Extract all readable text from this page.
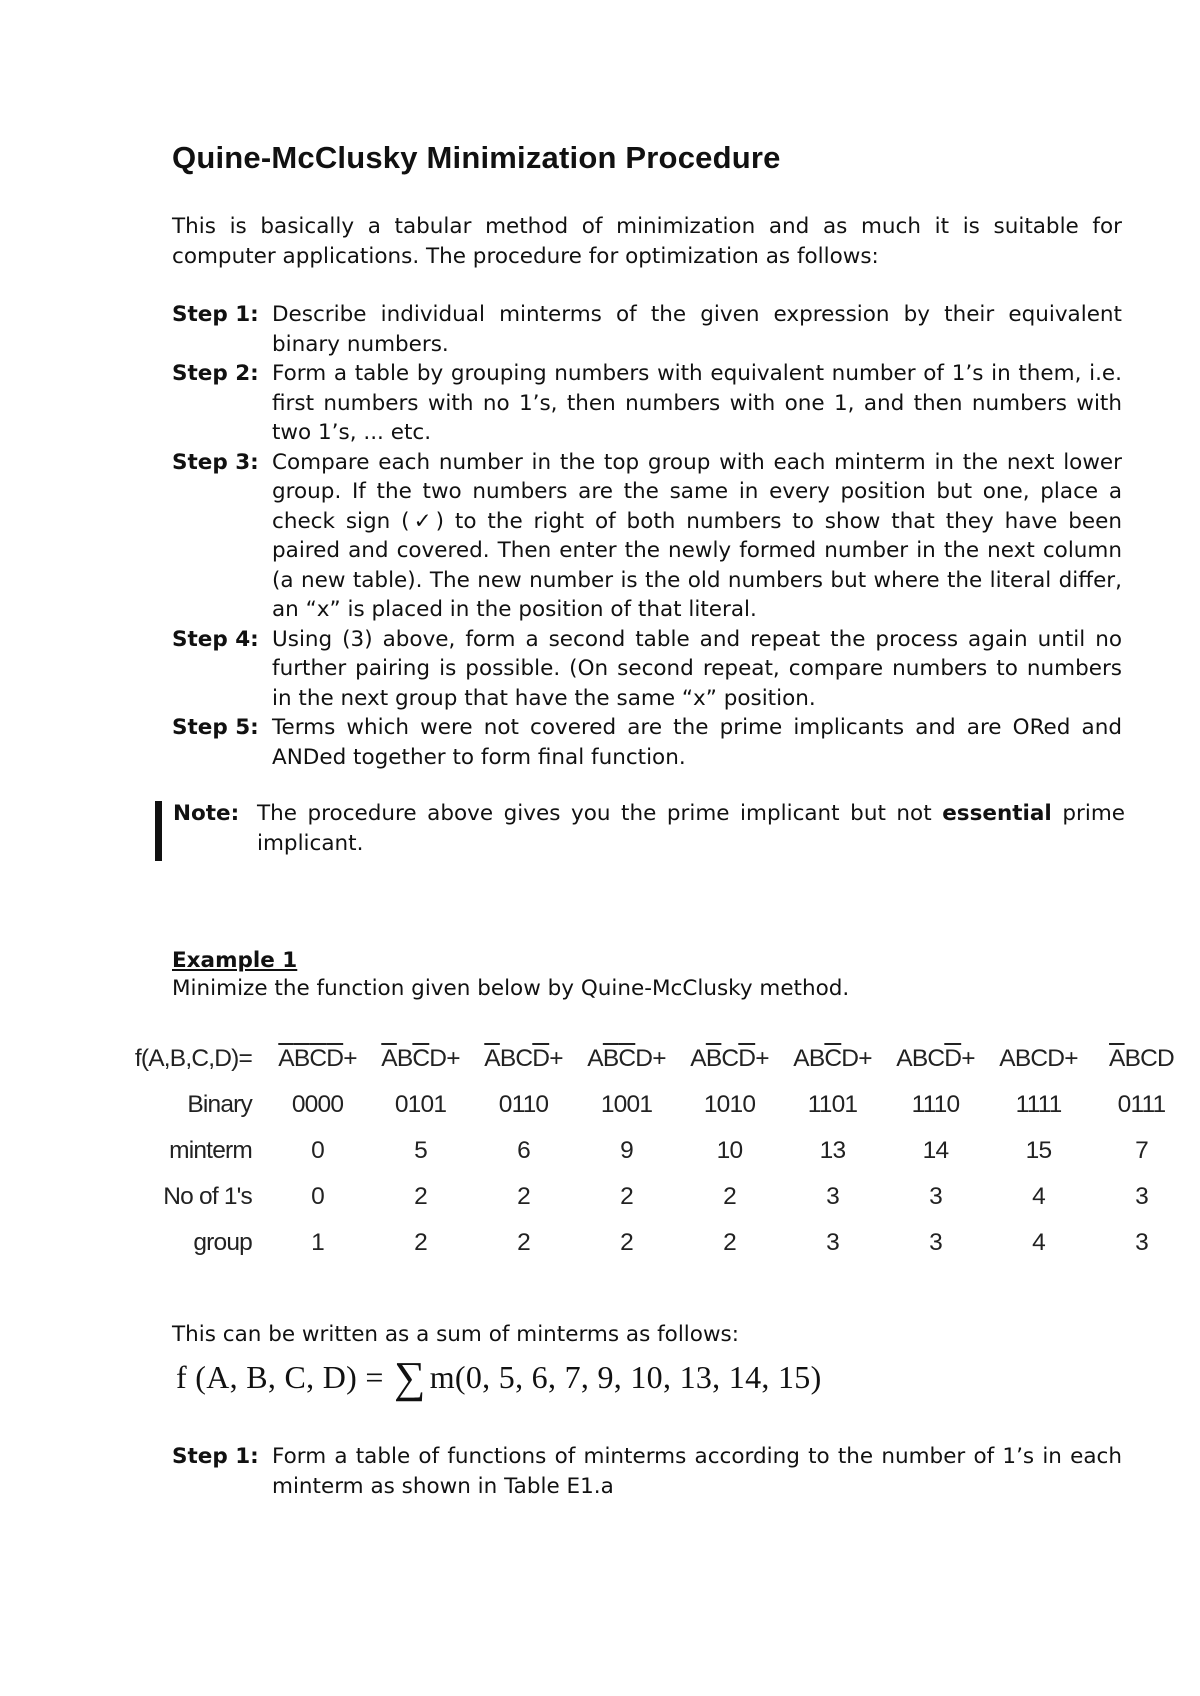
Quine-McClusky Minimization Procedure
This is basically a tabular method of minimization and as much it is suitable for computer applications. The procedure for optimization as follows:
Step 1: Describe individual minterms of the given expression by their equivalent binary numbers.
Step 2: Form a table by grouping numbers with equivalent number of 1’s in them, i.e. first numbers with no 1’s, then numbers with one 1, and then numbers with two 1’s, ... etc.
Step 3: Compare each number in the top group with each minterm in the next lower group. If the two numbers are the same in every position but one, place a check sign (✓) to the right of both numbers to show that they have been paired and covered. Then enter the newly formed number in the next column (a new table). The new number is the old numbers but where the literal differ, an “x” is placed in the position of that literal.
Step 4: Using (3) above, form a second table and repeat the process again until no further pairing is possible. (On second repeat, compare numbers to numbers in the next group that have the same “x” position.
Step 5: Terms which were not covered are the prime implicants and are ORed and ANDed together to form final function.
Note: The procedure above gives you the prime implicant but not essential prime implicant.
Example 1
Minimize the function given below by Quine-McClusky method.
f(A,B,C,D)=	$\overline{A}\overline{B}\overline{C}\overline{D}+$	$\overline{A}B\overline{C}D+$	$\overline{A}BC\overline{D}+$	$A\overline{B}\overline{C}D+$	$A\overline{B}C\overline{D}+$	$AB\overline{C}D+$	$ABC\overline{D}+$	ABCD+	$\overline{A}BCD$
Binary	0000	0101	0110	1001	1010	1101	1110	1111	0111
minterm	0	5	6	9	10	13	14	15	7
No of 1's	0	2	2	2	2	3	3	4	3
group	1	2	2	2	2	3	3	4	3
This can be written as a sum of minterms as follows:
f (A, B, C, D) = ∑ m(0, 5, 6, 7, 9, 10, 13, 14, 15)
Step 1: Form a table of functions of minterms according to the number of 1’s in each minterm as shown in Table E1.a
